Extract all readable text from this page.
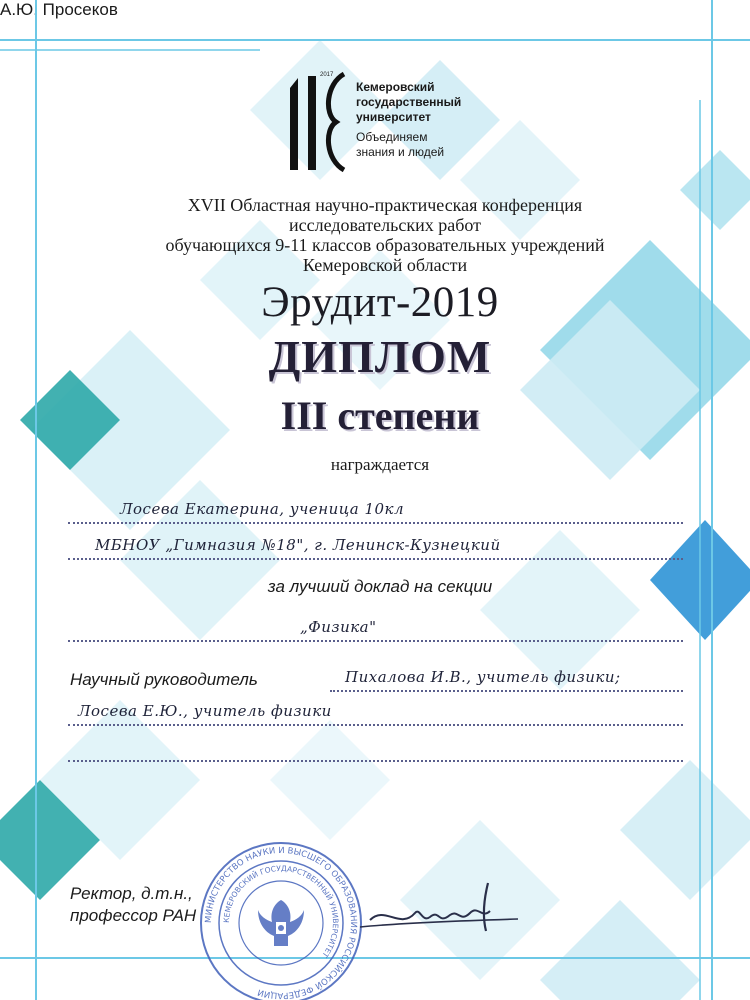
2017
Кемеровский
государственный
университет
Объединяем
знания и людей
XVII Областная научно-практическая конференция
исследовательских работ
обучающихся 9-11 классов образовательных учреждений
Кемеровской области
Эрудит-2019
ДИПЛОМ
III степени
награждается
Лосева Екатерина, ученица 10кл
МБНОУ „Гимназия №18", г. Ленинск-Кузнецкий
за лучший доклад на секции
„Физика"
Научный руководитель	Пихалова И.В., учитель физики;
Лосева Е.Ю., учитель физики
Ректор, д.т.н.,
профессор РАН МИНИСТЕРСТВО НАУКИ И ВЫСШЕГО ОБРАЗОВАНИЯ РОССИЙСКОЙ ФЕДЕРАЦИИ
КЕМЕРОВСКИЙ ГОСУДАРСТВЕННЫЙ УНИВЕРСИТЕТ
А.Ю. Просеков
